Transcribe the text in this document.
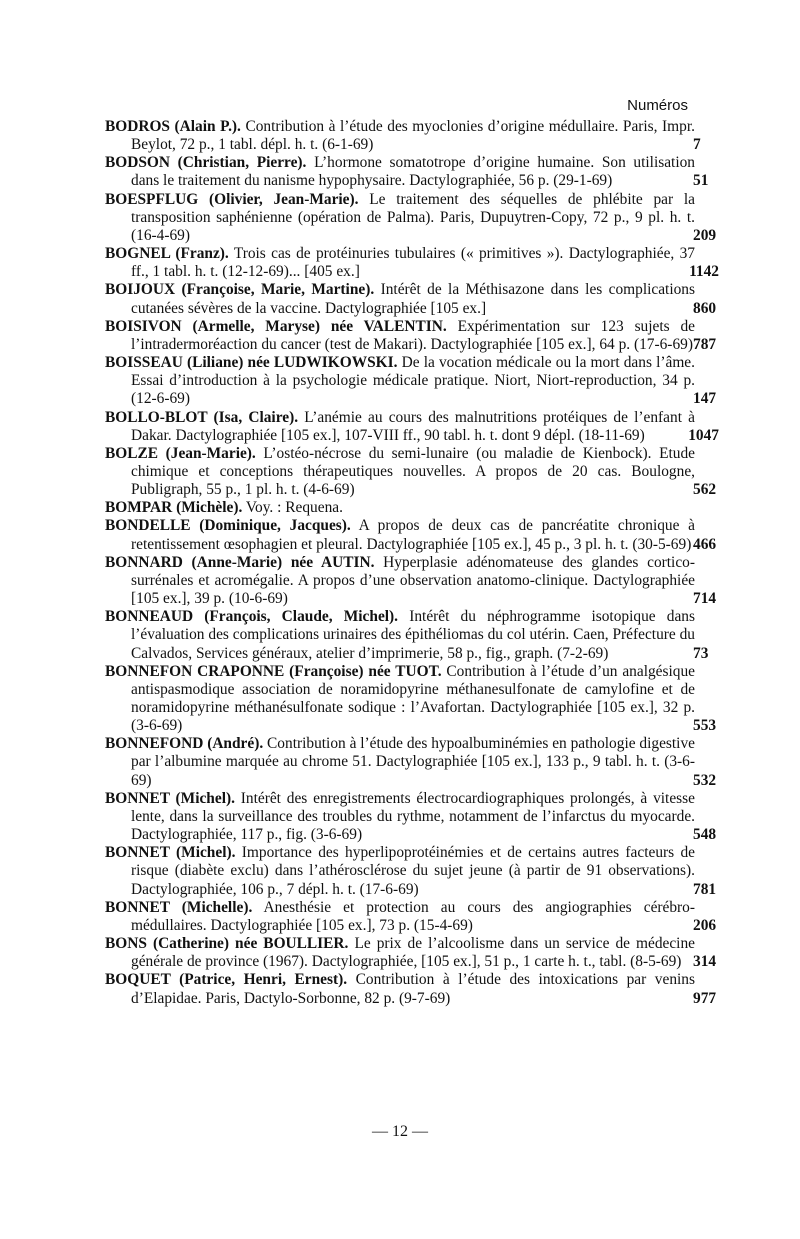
Numéros
BODROS (Alain P.). Contribution à l’étude des myoclonies d’origine médullaire. Paris, Impr. Beylot, 72 p., 1 tabl. dépl. h. t. (6-1-69)	7
BODSON (Christian, Pierre). L’hormone somatotrope d’origine humaine. Son utilisation dans le traitement du nanisme hypophysaire. Dactylographiée, 56 p. (29-1-69)	51
BOESPFLUG (Olivier, Jean-Marie). Le traitement des séquelles de phlébite par la transposition saphénienne (opération de Palma). Paris, Dupuytren-Copy, 72 p., 9 pl. h. t. (16-4-69)	209
BOGNEL (Franz). Trois cas de protéinuries tubulaires (« primitives »). Dactylographiée, 37 ff., 1 tabl. h. t. (12-12-69)... [405 ex.]	1142
BOIJOUX (Françoise, Marie, Martine). Intérêt de la Méthisazone dans les complications cutanées sévères de la vaccine. Dactylographiée [105 ex.]	860
BOISIVON (Armelle, Maryse) née VALENTIN. Expérimentation sur 123 sujets de l’intradermoréaction du cancer (test de Makari). Dactylographiée [105 ex.], 64 p. (17-6-69) 787
BOISSEAU (Liliane) née LUDWIKOWSKI. De la vocation médicale ou la mort dans l’âme. Essai d’introduction à la psychologie médicale pratique. Niort, Niort-reproduction, 34 p. (12-6-69)	147
BOLLO-BLOT (Isa, Claire). L’anémie au cours des malnutritions protéiques de l’enfant à Dakar. Dactylographiée [105 ex.], 107-VIII ff., 90 tabl. h. t. dont 9 dépl. (18-11-69)	1047
BOLZE (Jean-Marie). L’ostéo-nécrose du semi-lunaire (ou maladie de Kienbock). Etude chimique et conceptions thérapeutiques nouvelles. A propos de 20 cas. Boulogne, Publigraph, 55 p., 1 pl. h. t. (4-6-69)	562
BOMPAR (Michèle). Voy. : Requena.
BONDELLE (Dominique, Jacques). A propos de deux cas de pancréatite chronique à retentissement œsophagien et pleural. Dactylographiée [105 ex.], 45 p., 3 pl. h. t. (30-5-69) 466
BONNARD (Anne-Marie) née AUTIN. Hyperplasie adénomateuse des glandes cortico-surrénales et acromégalie. A propos d’une observation anatomo-clinique. Dactylographiée [105 ex.], 39 p. (10-6-69)	714
BONNEAUD (François, Claude, Michel). Intérêt du néphrogramme isotopique dans l’évaluation des complications urinaires des épithéliomas du col utérin. Caen, Préfecture du Calvados, Services généraux, atelier d’imprimerie, 58 p., fig., graph. (7-2-69)	73
BONNEFON CRAPONNE (Françoise) née TUOT. Contribution à l’étude d’un analgésique antispasmodique association de noramidopyrine méthanesulfonate de camylofine et de noramidopyrine méthanésulfonate sodique : l’Avafortan. Dactylographiée [105 ex.], 32 p. (3-6-69)	553
BONNEFOND (André). Contribution à l’étude des hypoalbuminémies en pathologie digestive par l’albumine marquée au chrome 51. Dactylographiée [105 ex.], 133 p., 9 tabl. h. t. (3-6-69)	532
BONNET (Michel). Intérêt des enregistrements électrocardiographiques prolongés, à vitesse lente, dans la surveillance des troubles du rythme, notamment de l’infarctus du myocarde. Dactylographiée, 117 p., fig. (3-6-69)	548
BONNET (Michel). Importance des hyperlipoprotéinémies et de certains autres facteurs de risque (diabète exclu) dans l’athérosclérose du sujet jeune (à partir de 91 observations). Dactylographiée, 106 p., 7 dépl. h. t. (17-6-69)	781
BONNET (Michelle). Anesthésie et protection au cours des angiographies cérébro-médullaires. Dactylographiée [105 ex.], 73 p. (15-4-69)	206
BONS (Catherine) née BOULLIER. Le prix de l’alcoolisme dans un service de médecine générale de province (1967). Dactylographiée, [105 ex.], 51 p., 1 carte h. t., tabl. (8-5-69) 314
BOQUET (Patrice, Henri, Ernest). Contribution à l’étude des intoxications par venins d’Elapidae. Paris, Dactylo-Sorbonne, 82 p. (9-7-69)	977
— 12 —
